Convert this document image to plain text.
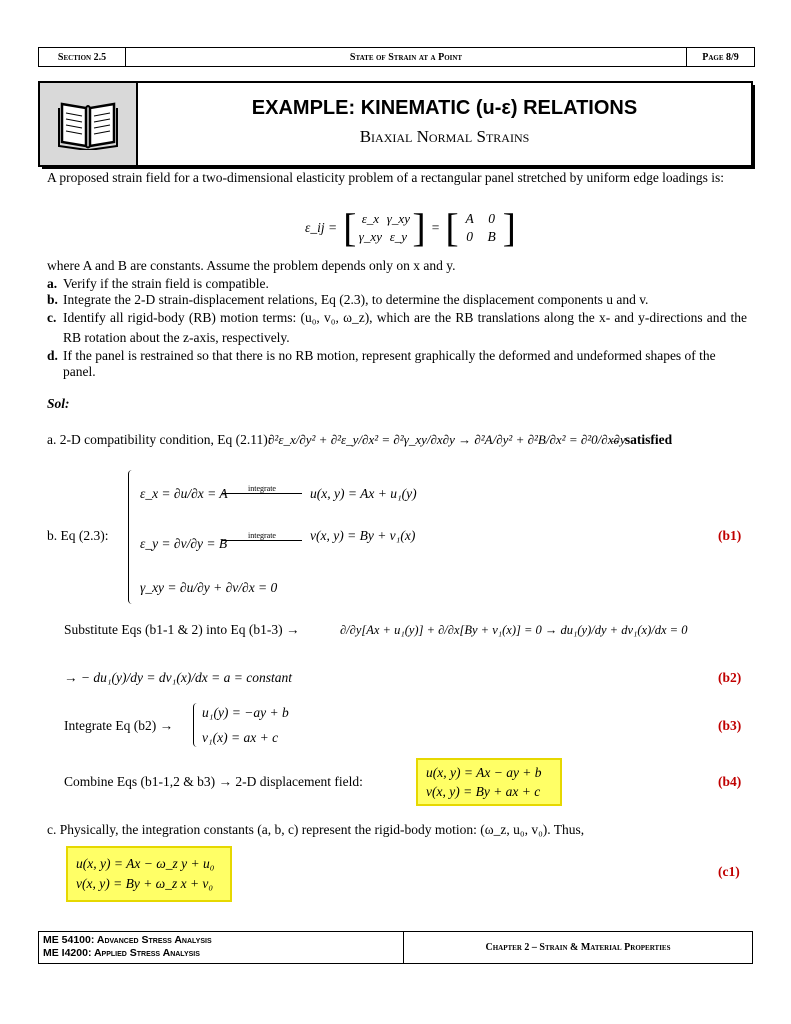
Section 2.5	State of Strain at a Point	Page 8/9
EXAMPLE: KINEMATIC (u-ε) RELATIONS
Biaxial Normal Strains

A proposed strain field for a two-dimensional elasticity problem of a rectangular panel stretched by uniform edge loadings is:

ε_ij = [ ε_x γ_xy
γ_xy ε_y ] = [ A	0
0	B ]

where A and B are constants. Assume the problem depends only on x and y.

a. Verify if the strain field is compatible.
b. Integrate the 2-D strain-displacement relations, Eq (2.3), to determine the displacement components u and v.
c. Identify all rigid-body (RB) motion terms: (u₀, v₀, ω_z), which are the RB translations along the x- and y-directions and the RB rotation about the z-axis, respectively.
d. If the panel is restrained so that there is no RB motion, represent graphically the deformed and undeformed shapes of the panel.

Sol:

a. 2-D compatibility condition, Eq (2.11):

∂²ε_x/∂y² + ∂²ε_y/∂x² = ∂²γ_xy/∂x∂y → ∂²A/∂y² + ∂²B/∂x² = ∂²0/∂x∂y

→ satisfied

b. Eq (2.3):

ε_x = ∂u/∂x = A

ε_y = ∂v/∂y = B

γ_xy = ∂u/∂y + ∂v/∂x = 0

integrate
integrate

u(x, y) = Ax + u₁(y)

v(x, y) = By + v₁(x)	(b1)

Substitute Eqs (b1-1 & 2) into Eq (b1-3) →	∂/∂y[Ax + u₁(y)] + ∂/∂x[By + v₁(x)] = 0 → du₁(y)/dy + dv₁(x)/dx = 0

→ − du₁(y)/dy = dv₁(x)/dx = a = constant	(b2)

Integrate Eq (b2) →

u₁(y) = −ay + b

v₁(x) = ax + c

(b3)

Combine Eqs (b1-1,2 & b3) → 2-D displacement field:

u(x, y) = Ax − ay + b

v(x, y) = By + ax + c

(b4)

c. Physically, the integration constants (a, b, c) represent the rigid-body motion: (ω_z, u₀, v₀). Thus,

u(x, y) = Ax − ω_z y + u₀

v(x, y) = By + ω_z x + v₀

(c1)

ME 54100: Advanced Stress Analysis
ME I4200: Applied Stress Analysis	Chapter 2 – Strain & Material Properties
